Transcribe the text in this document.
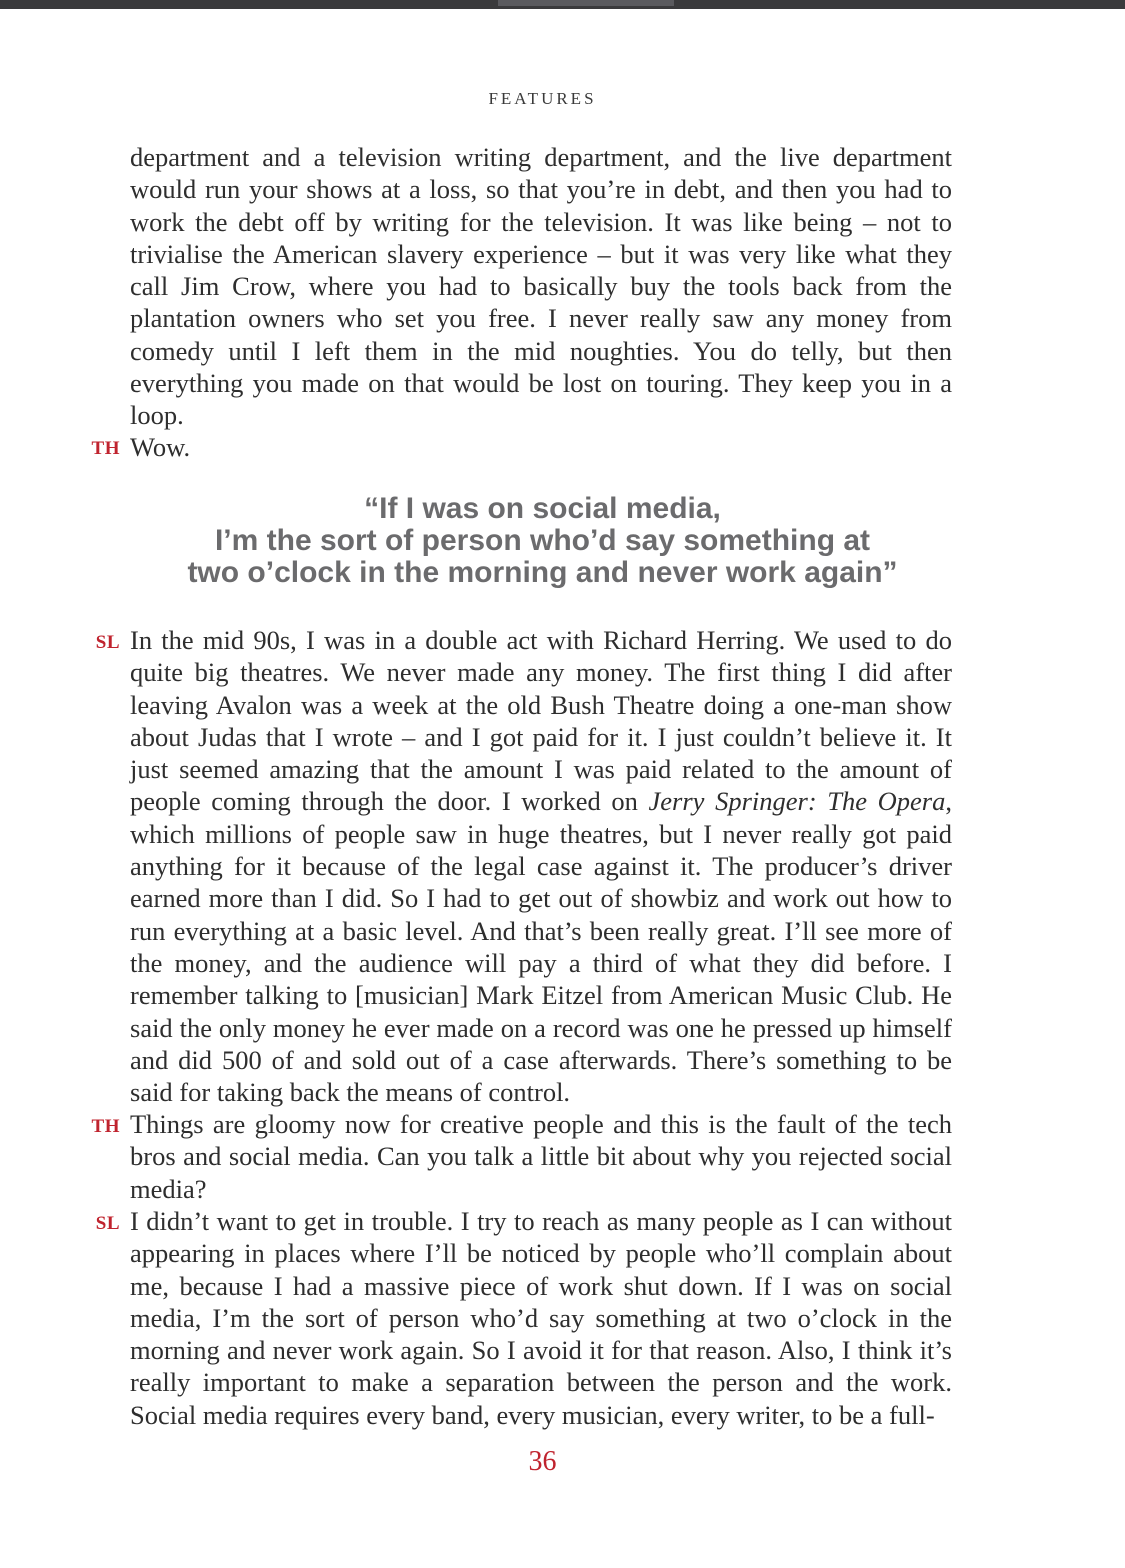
FEATURES
department and a television writing department, and the live department would run your shows at a loss, so that you’re in debt, and then you had to work the debt off by writing for the television. It was like being – not to trivialise the American slavery experience – but it was very like what they call Jim Crow, where you had to basically buy the tools back from the plantation owners who set you free. I never really saw any money from comedy until I left them in the mid noughties. You do telly, but then everything you made on that would be lost on touring. They keep you in a loop.
TH Wow.
“If I was on social media,
I’m the sort of person who’d say something at
two o’clock in the morning and never work again”
SL In the mid 90s, I was in a double act with Richard Herring. We used to do quite big theatres. We never made any money. The first thing I did after leaving Avalon was a week at the old Bush Theatre doing a one-man show about Judas that I wrote – and I got paid for it. I just couldn’t believe it. It just seemed amazing that the amount I was paid related to the amount of people coming through the door. I worked on Jerry Springer: The Opera, which millions of people saw in huge theatres, but I never really got paid anything for it because of the legal case against it. The producer’s driver earned more than I did. So I had to get out of showbiz and work out how to run everything at a basic level. And that’s been really great. I’ll see more of the money, and the audience will pay a third of what they did before. I remember talking to [musician] Mark Eitzel from American Music Club. He said the only money he ever made on a record was one he pressed up himself and did 500 of and sold out of a case afterwards. There’s something to be said for taking back the means of control.
TH Things are gloomy now for creative people and this is the fault of the tech bros and social media. Can you talk a little bit about why you rejected social media?
SL I didn’t want to get in trouble. I try to reach as many people as I can without appearing in places where I’ll be noticed by people who’ll complain about me, because I had a massive piece of work shut down. If I was on social media, I’m the sort of person who’d say something at two o’clock in the morning and never work again. So I avoid it for that reason. Also, I think it’s really important to make a separation between the person and the work. Social media requires every band, every musician, every writer, to be a full-
36
